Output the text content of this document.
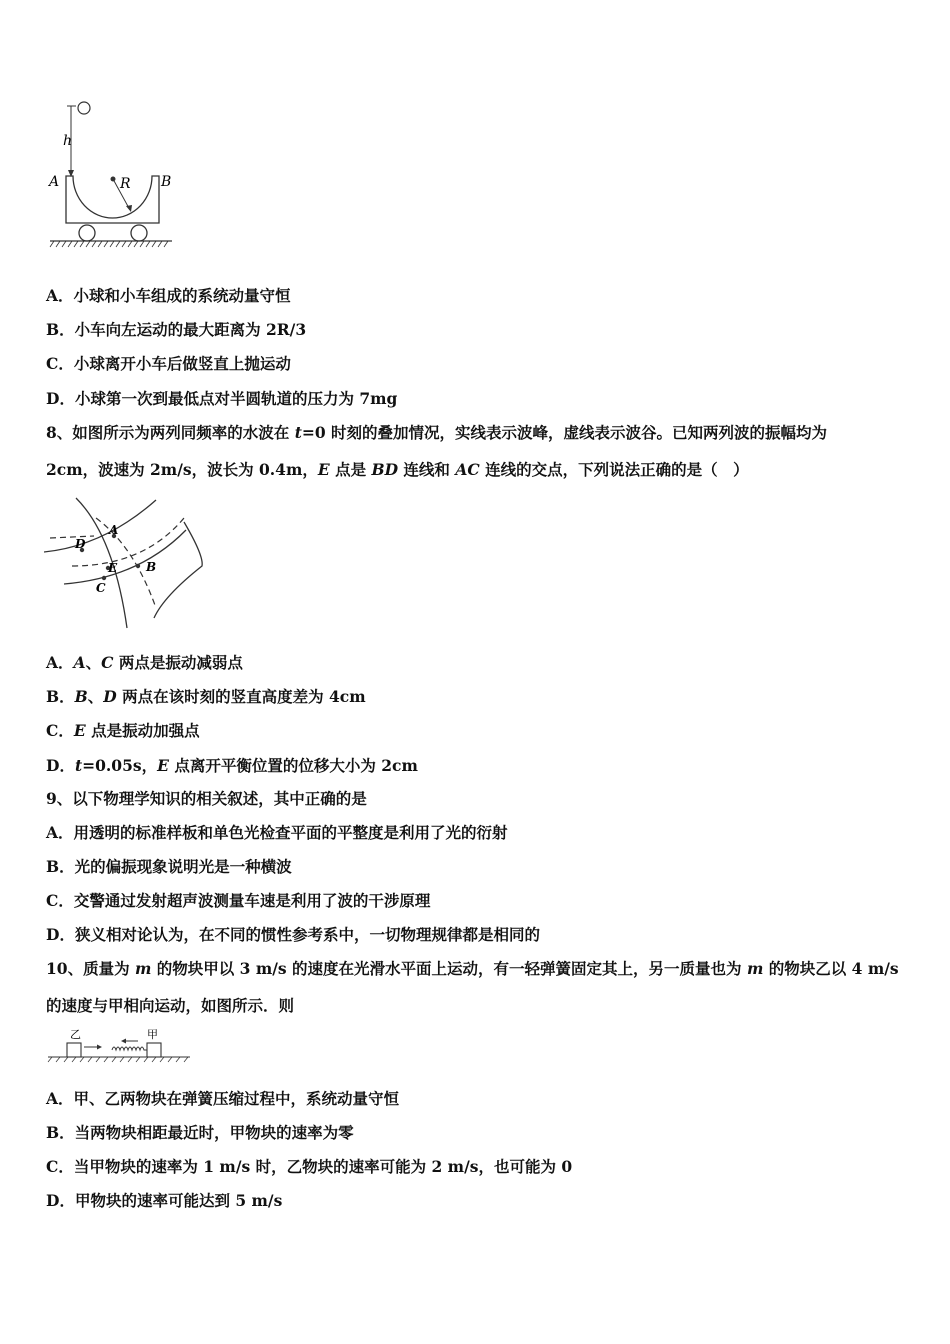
h
A	B
R
A．小球和小车组成的系统动量守恒
B．小车向左运动的最大距离为 2R/3
C．小球离开小车后做竖直上抛运动
D．小球第一次到最低点对半圆轨道的压力为 7mg
8、如图所示为两列同频率的水波在 t=0 时刻的叠加情况，实线表示波峰，虚线表示波谷。已知两列波的振幅均为
2cm，波速为 2m/s，波长为 0.4m，E 点是 BD 连线和 AC 连线的交点，下列说法正确的是（　）
A
D
E B
C
A．A、C 两点是振动减弱点
B．B、D 两点在该时刻的竖直高度差为 4cm
C．E 点是振动加强点
D．t=0.05s，E 点离开平衡位置的位移大小为 2cm
9、以下物理学知识的相关叙述，其中正确的是
A．用透明的标准样板和单色光检查平面的平整度是利用了光的衍射
B．光的偏振现象说明光是一种横波
C．交警通过发射超声波测量车速是利用了波的干涉原理
D．狭义相对论认为，在不同的惯性参考系中，一切物理规律都是相同的
10、质量为 m 的物块甲以 3 m/s 的速度在光滑水平面上运动，有一轻弹簧固定其上，另一质量也为 m 的物块乙以 4 m/s
的速度与甲相向运动，如图所示．则
乙	甲
A．甲、乙两物块在弹簧压缩过程中，系统动量守恒
B．当两物块相距最近时，甲物块的速率为零
C．当甲物块的速率为 1 m/s 时，乙物块的速率可能为 2 m/s，也可能为 0
D．甲物块的速率可能达到 5 m/s
